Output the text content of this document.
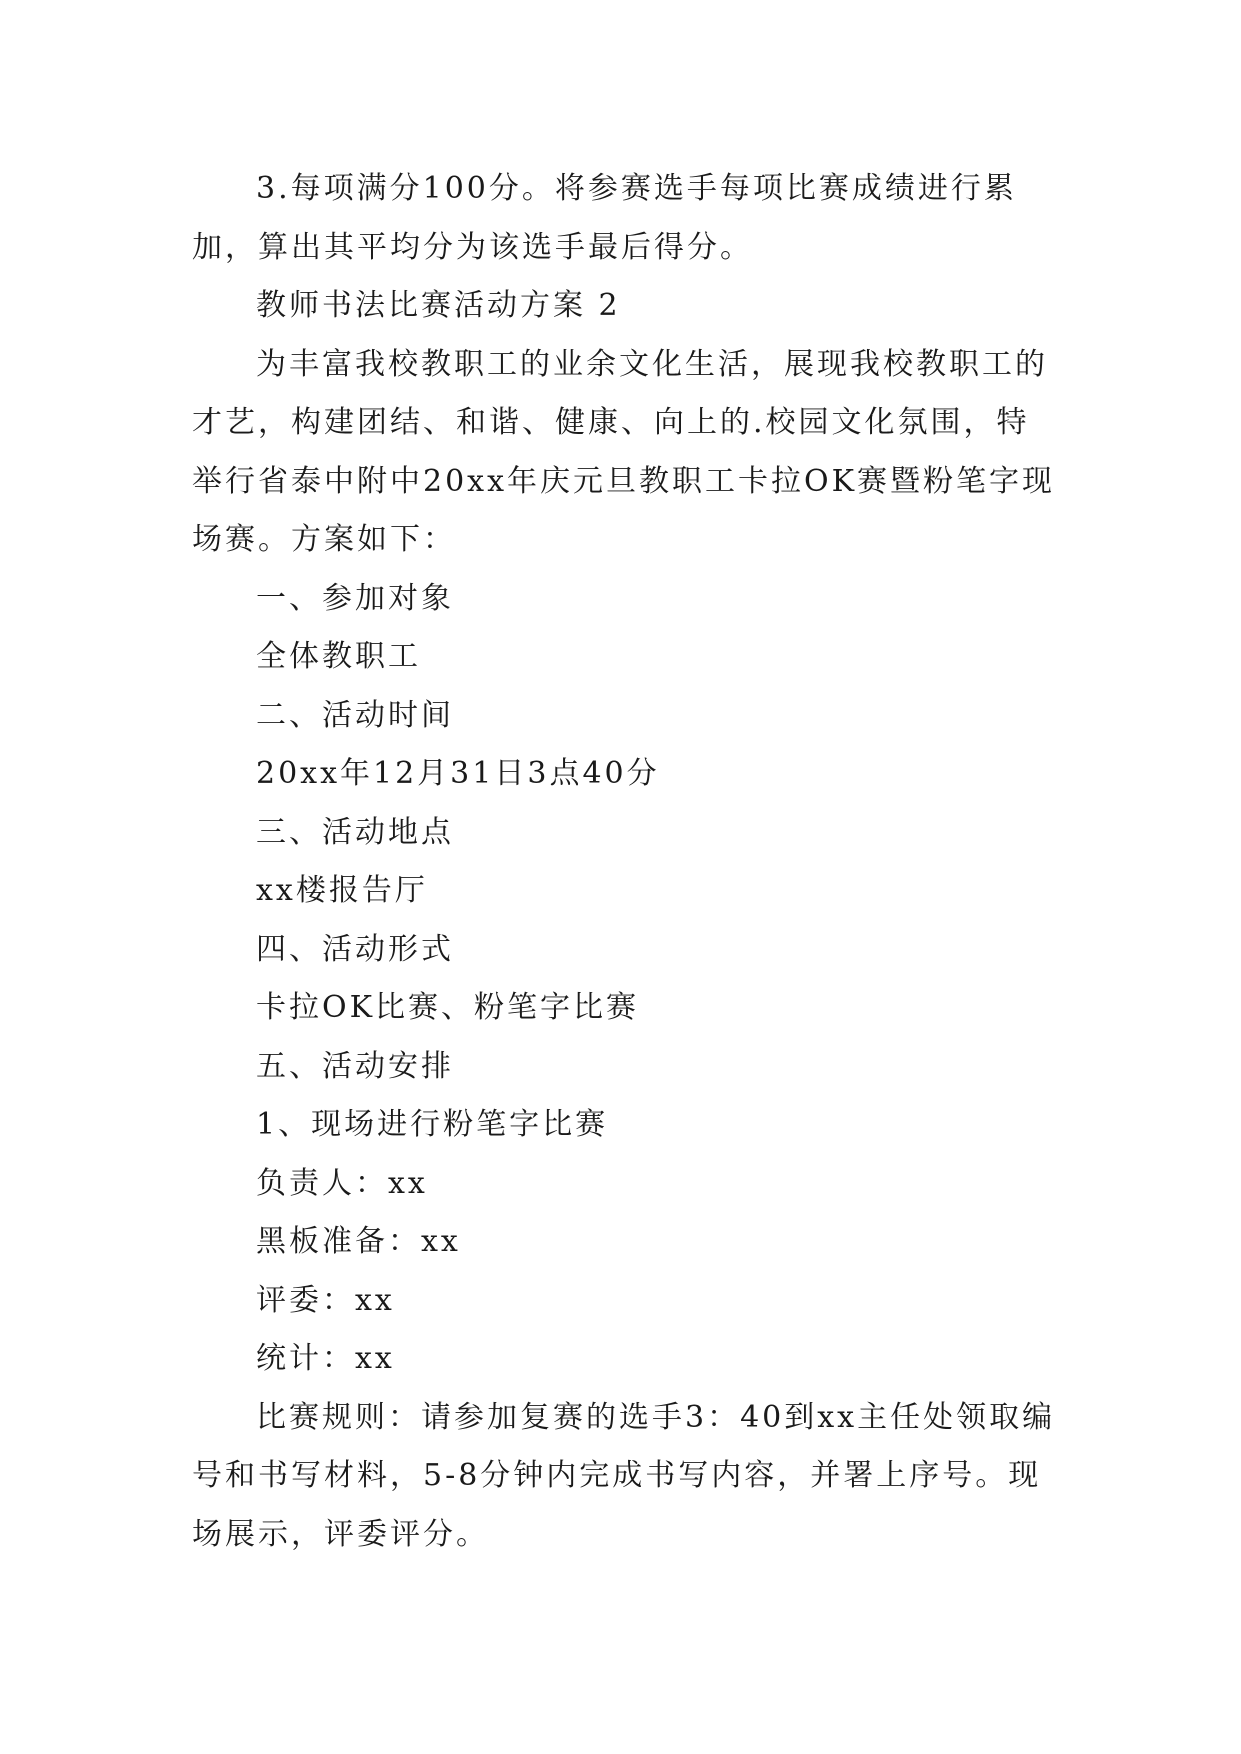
3.每项满分100分。将参赛选手每项比赛成绩进行累加，算出其平均分为该选手最后得分。

教师书法比赛活动方案 2

为丰富我校教职工的业余文化生活，展现我校教职工的才艺，构建团结、和谐、健康、向上的.校园文化氛围，特举行省泰中附中20xx年庆元旦教职工卡拉OK赛暨粉笔字现场赛。方案如下：

一、参加对象

全体教职工

二、活动时间

20xx年12月31日3点40分

三、活动地点

xx楼报告厅

四、活动形式

卡拉OK比赛、粉笔字比赛

五、活动安排

1、现场进行粉笔字比赛

负责人：xx

黑板准备：xx

评委：xx

统计：xx

比赛规则：请参加复赛的选手3：40到xx主任处领取编号和书写材料，5-8分钟内完成书写内容，并署上序号。现场展示，评委评分。
